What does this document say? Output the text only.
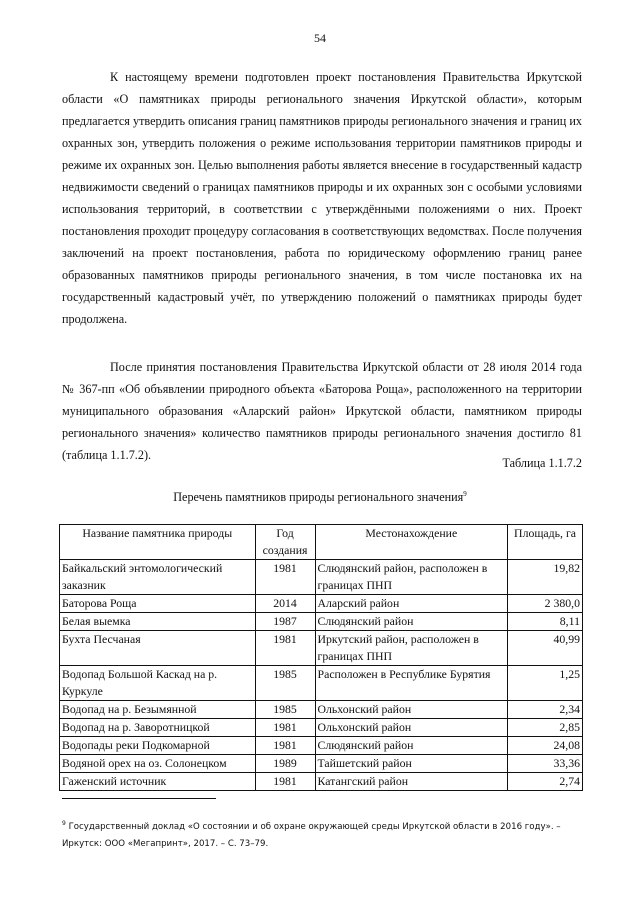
54

К настоящему времени подготовлен проект постановления Правительства Иркутской области «О памятниках природы регионального значения Иркутской области», которым предлагается утвердить описания границ памятников природы регионального значения и границ их охранных зон, утвердить положения о режиме использования территории памятников природы и режиме их охранных зон. Целью выполнения работы является внесение в государственный кадастр недвижимости сведений о границах памятников природы и их охранных зон с особыми условиями использования территорий, в соответствии с утверждёнными положениями о них. Проект постановления проходит процедуру согласования в соответствующих ведомствах. После получения заключений на проект постановления, работа по юридическому оформлению границ ранее образованных памятников природы регионального значения, в том числе постановка их на государственный кадастровый учёт, по утверждению положений о памятниках природы будет продолжена.

После принятия постановления Правительства Иркутской области от 28 июля 2014 года № 367-пп «Об объявлении природного объекта «Баторова Роща», расположенного на территории муниципального образования «Аларский район» Иркутской области, памятником природы регионального значения» количество памятников природы регионального значения достигло 81 (таблица 1.1.7.2).

Таблица 1.1.7.2
Перечень памятников природы регионального значения$^9$
Название памятника природы	Год создания	Местонахождение	Площадь, га
Байкальский энтомологический заказник	1981	Слюдянский район, расположен в границах ПНП	19,82
Баторова Роща	2014	Аларский район	2 380,0
Белая выемка	1987	Слюдянский район	8,11
Бухта Песчаная	1981	Иркутский район, расположен в границах ПНП	40,99
Водопад Большой Каскад на р. Куркуле	1985	Расположен в Республике Бурятия	1,25
Водопад на р. Безымянной	1985	Ольхонский район	2,34
Водопад на р. Заворотницкой	1981	Ольхонский район	2,85
Водопады реки Подкомарной	1981	Слюдянский район	24,08
Водяной орех на оз. Солонецком	1989	Тайшетский район	33,36
Гаженский источник	1981	Катангский район	2,74
$^9$ Государственный доклад «О состоянии и об охране окружающей среды Иркутской области в 2016 году». – Иркутск: ООО «Мегапринт», 2017. – С. 73–79.
